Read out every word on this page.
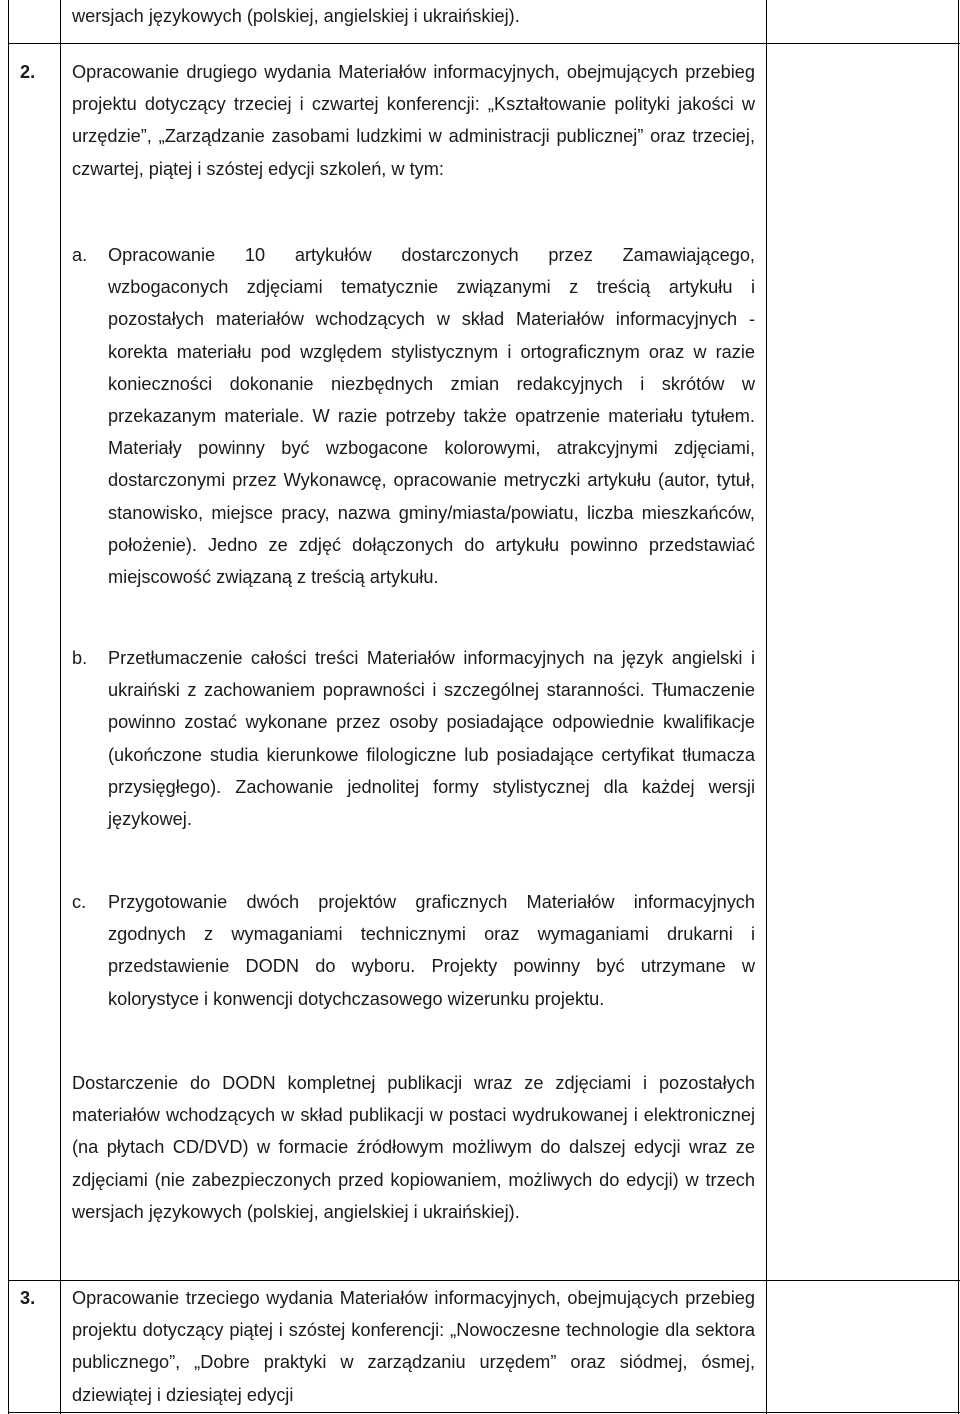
wersjach językowych (polskiej, angielskiej i ukraińskiej).
2. Opracowanie drugiego wydania Materiałów informacyjnych, obejmujących przebieg projektu dotyczący trzeciej i czwartej konferencji: „Kształtowanie polityki jakości w urzędzie”, „Zarządzanie zasobami ludzkimi w administracji publicznej” oraz trzeciej, czwartej, piątej i szóstej edycji szkoleń, w tym:
a. Opracowanie 10 artykułów dostarczonych przez Zamawiającego, wzbogaconych zdjęciami tematycznie związanymi z treścią artykułu i pozostałych materiałów wchodzących w skład Materiałów informacyjnych - korekta materiału pod względem stylistycznym i ortograficznym oraz w razie konieczności dokonanie niezbędnych zmian redakcyjnych i skrótów w przekazanym materiale. W razie potrzeby także opatrzenie materiału tytułem. Materiały powinny być wzbogacone kolorowymi, atrakcyjnymi zdjęciami, dostarczonymi przez Wykonawcę, opracowanie metryczki artykułu (autor, tytuł, stanowisko, miejsce pracy, nazwa gminy/miasta/powiatu, liczba mieszkańców, położenie). Jedno ze zdjęć dołączonych do artykułu powinno przedstawiać miejscowość związaną z treścią artykułu.
b. Przetłumaczenie całości treści Materiałów informacyjnych na język angielski i ukraiński z zachowaniem poprawności i szczególnej staranności. Tłumaczenie powinno zostać wykonane przez osoby posiadające odpowiednie kwalifikacje (ukończone studia kierunkowe filologiczne lub posiadające certyfikat tłumacza przysięgłego). Zachowanie jednolitej formy stylistycznej dla każdej wersji językowej.
c. Przygotowanie dwóch projektów graficznych Materiałów informacyjnych zgodnych z wymaganiami technicznymi oraz wymaganiami drukarni i przedstawienie DODN do wyboru. Projekty powinny być utrzymane w kolorystyce i konwencji dotychczasowego wizerunku projektu.
Dostarczenie do DODN kompletnej publikacji wraz ze zdjęciami i pozostałych materiałów wchodzących w skład publikacji w postaci wydrukowanej i elektronicznej (na płytach CD/DVD) w formacie źródłowym możliwym do dalszej edycji wraz ze zdjęciami (nie zabezpieczonych przed kopiowaniem, możliwych do edycji) w trzech wersjach językowych (polskiej, angielskiej i ukraińskiej).
3. Opracowanie trzeciego wydania Materiałów informacyjnych, obejmujących przebieg projektu dotyczący piątej i szóstej konferencji: „Nowoczesne technologie dla sektora publicznego”, „Dobre praktyki w zarządzaniu urzędem” oraz siódmej, ósmej, dziewiątej i dziesiątej edycji
